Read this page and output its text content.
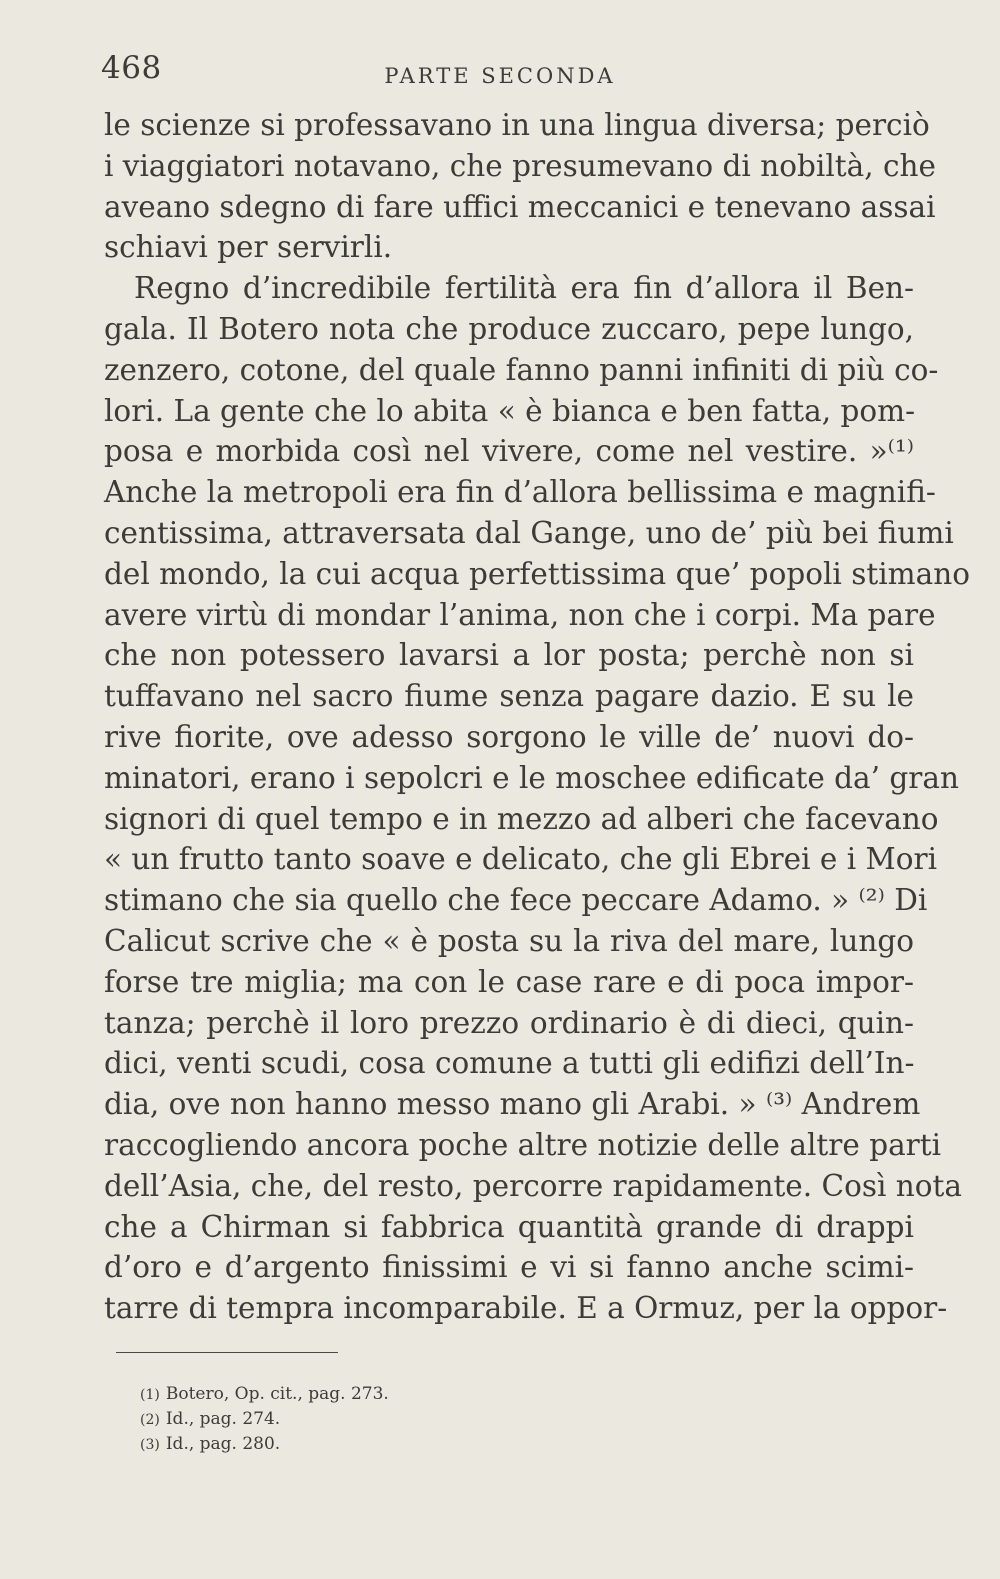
468	PARTE SECONDA
le scienze si professavano in una lingua diversa; perciò
i viaggiatori notavano, che presumevano di nobiltà, che
aveano sdegno di fare uffici meccanici e tenevano assai
schiavi per servirli.
Regno d’incredibile fertilità era fin d’allora il Ben-
gala. Il Botero nota che produce zuccaro, pepe lungo,
zenzero, cotone, del quale fanno panni infiniti di più co-
lori. La gente che lo abita « è bianca e ben fatta, pom-
posa e morbida così nel vivere, come nel vestire. »⁽¹⁾
Anche la metropoli era fin d’allora bellissima e magnifi-
centissima, attraversata dal Gange, uno de’ più bei fiumi
del mondo, la cui acqua perfettissima que’ popoli stimano
avere virtù di mondar l’anima, non che i corpi. Ma pare
che non potessero lavarsi a lor posta; perchè non si
tuffavano nel sacro fiume senza pagare dazio. E su le
rive fiorite, ove adesso sorgono le ville de’ nuovi do-
minatori, erano i sepolcri e le moschee edificate da’ gran
signori di quel tempo e in mezzo ad alberi che facevano
« un frutto tanto soave e delicato, che gli Ebrei e i Mori
stimano che sia quello che fece peccare Adamo. » ⁽²⁾ Di
Calicut scrive che « è posta su la riva del mare, lungo
forse tre miglia; ma con le case rare e di poca impor-
tanza; perchè il loro prezzo ordinario è di dieci, quin-
dici, venti scudi, cosa comune a tutti gli edifizi dell’In-
dia, ove non hanno messo mano gli Arabi. » ⁽³⁾ Andrem
raccogliendo ancora poche altre notizie delle altre parti
dell’Asia, che, del resto, percorre rapidamente. Così nota
che a Chirman si fabbrica quantità grande di drappi
d’oro e d’argento finissimi e vi si fanno anche scimi-
tarre di tempra incomparabile. E a Ormuz, per la oppor-
(1) Botero, Op. cit., pag. 273.
(2) Id., pag. 274.
(3) Id., pag. 280.
